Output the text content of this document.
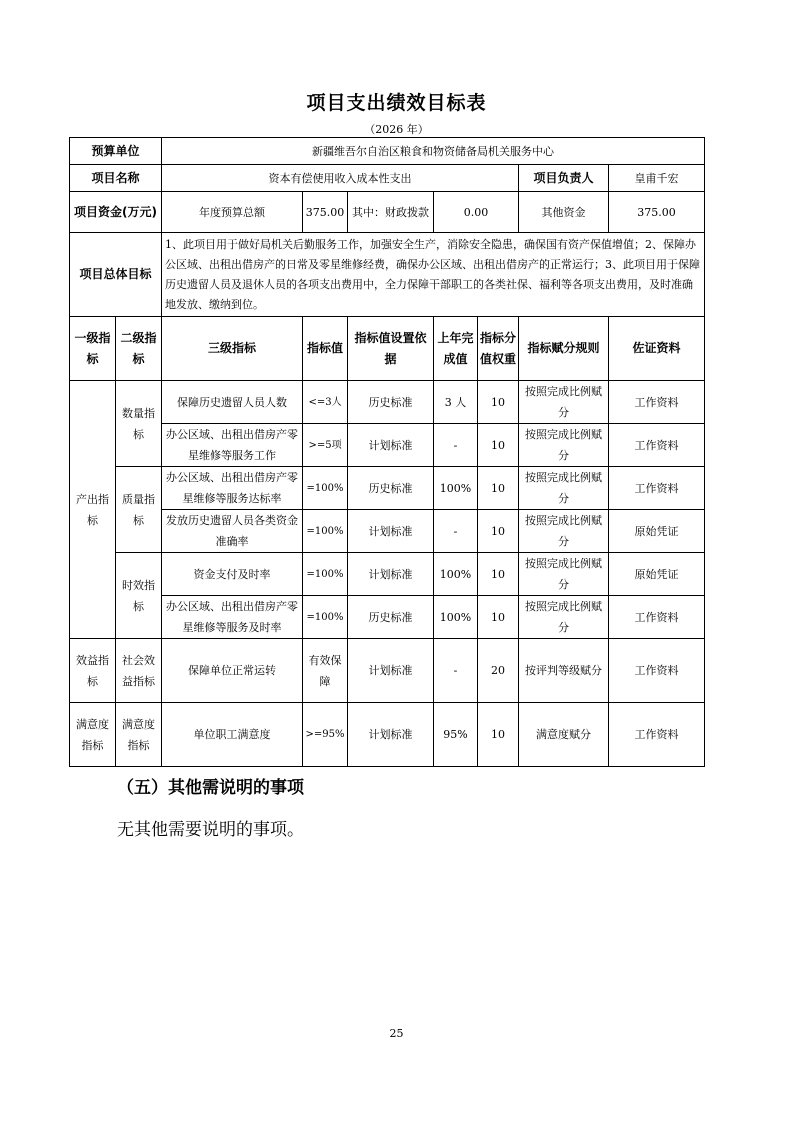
项目支出绩效目标表
（2026 年）
预算单位		新疆维吾尔自治区粮食和物资储备局机关服务中心						
项目名称		资本有偿使用收入成本性支出					项目负责人	皇甫千宏
项目资金(万元)		年度预算总额	375.00	其中：财政拨款	0.00		其他资金	375.00
项目总体目标		1、此项目用于做好局机关后勤服务工作，加强安全生产，消除安全隐患，确保国有资产保值增值；2、保障办公区域、出租出借房产的日常及零星维修经费，确保办公区域、出租出借房产的正常运行；3、此项目用于保障历史遗留人员及退休人员的各项支出费用中，全力保障干部职工的各类社保、福利等各项支出费用，及时准确地发放、缴纳到位。						
一级指标	二级指标	三级指标	指标值	指标值设置依据	上年完成值	指标分值权重	指标赋分规则	佐证资料
产出指标	数量指标	保障历史遗留人员人数	<=3人	历史标准	3 人	10	按照完成比例赋分	工作资料
		办公区域、出租出借房产零星维修等服务工作	>=5项	计划标准	-	10	按照完成比例赋分	工作资料
	质量指标	办公区域、出租出借房产零星维修等服务达标率	=100%	历史标准	100%	10	按照完成比例赋分	工作资料
		发放历史遗留人员各类资金准确率	=100%	计划标准	-	10	按照完成比例赋分	原始凭证
	时效指标	资金支付及时率	=100%	计划标准	100%	10	按照完成比例赋分	原始凭证
		办公区域、出租出借房产零星维修等服务及时率	=100%	历史标准	100%	10	按照完成比例赋分	工作资料
效益指标	社会效益指标	保障单位正常运转	有效保障	计划标准	-	20	按评判等级赋分	工作资料
满意度指标	满意度指标	单位职工满意度	>=95%	计划标准	95%	10	满意度赋分	工作资料
（五）其他需说明的事项
无其他需要说明的事项。
25
